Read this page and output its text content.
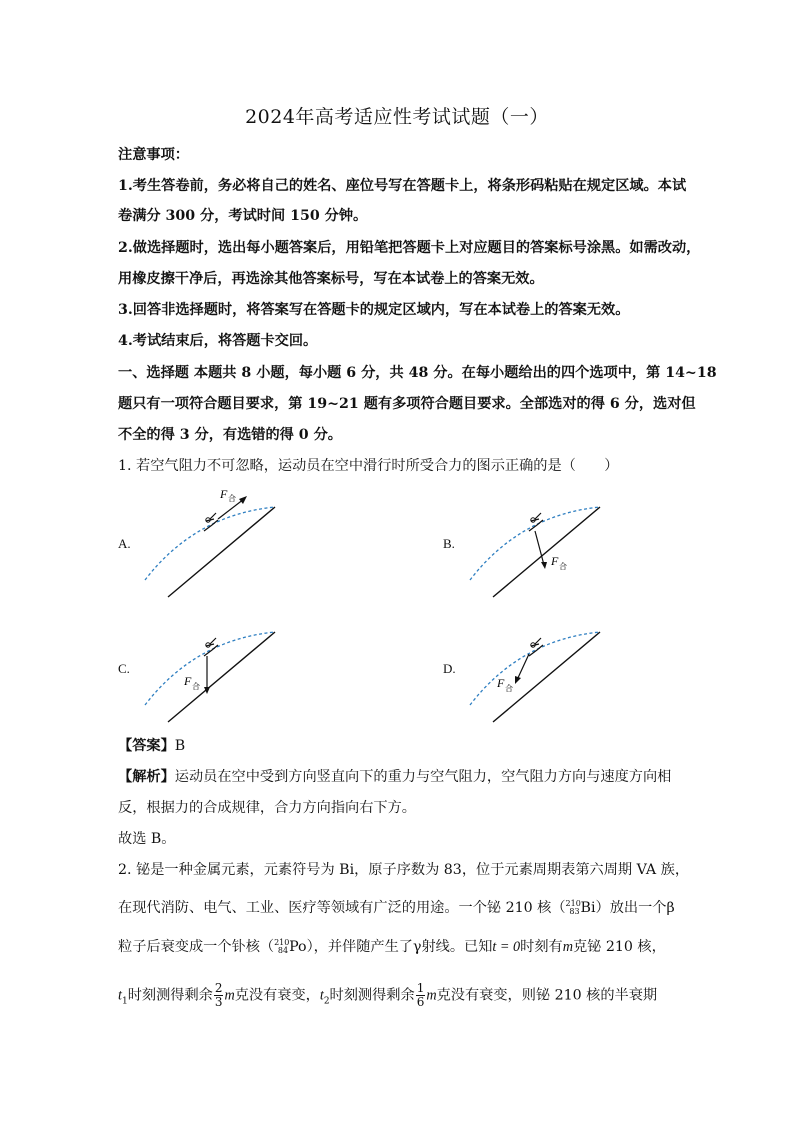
2024年高考适应性考试试题（一）
注意事项：
1.考生答卷前，务必将自己的姓名、座位号写在答题卡上，将条形码粘贴在规定区域。本试
卷满分 300 分，考试时间 150 分钟。
2.做选择题时，选出每小题答案后，用铅笔把答题卡上对应题目的答案标号涂黑。如需改动，
用橡皮擦干净后，再选涂其他答案标号，写在本试卷上的答案无效。
3.回答非选择题时，将答案写在答题卡的规定区域内，写在本试卷上的答案无效。
4.考试结束后，将答题卡交回。
一、选择题 本题共 8 小题，每小题 6 分，共 48 分。在每小题给出的四个选项中，第 14~18
题只有一项符合题目要求，第 19~21 题有多项符合题目要求。全部选对的得 6 分，选对但
不全的得 3 分，有选错的得 0 分。
1. 若空气阻力不可忽略，运动员在空中滑行时所受合力的图示正确的是（　　）
A.	B.
C.	D.
F 合
F 合
F 合	F 合
【答案】B
【解析】运动员在空中受到方向竖直向下的重力与空气阻力，空气阻力方向与速度方向相
反，根据力的合成规律，合力方向指向右下方。
故选 B。
2. 铋是一种金属元素，元素符号为 Bi，原子序数为 83，位于元素周期表第六周期 VA 族，
在现代消防、电气、工业、医疗等领域有广泛的用途。一个铋 210 核（ 210
83 Bi）放出一个β
粒子后衰变成一个钋核（ 210
84 Po），并伴随产生了γ射线。已知t = 0时刻有m克铋 210 核，
$t_1$时刻测得剩余 $\frac{2}{3}$ m克没有衰变，$t_2$时刻测得剩余 $\frac{1}{6}$ m克没有衰变，则铋 210 核的半衰期
